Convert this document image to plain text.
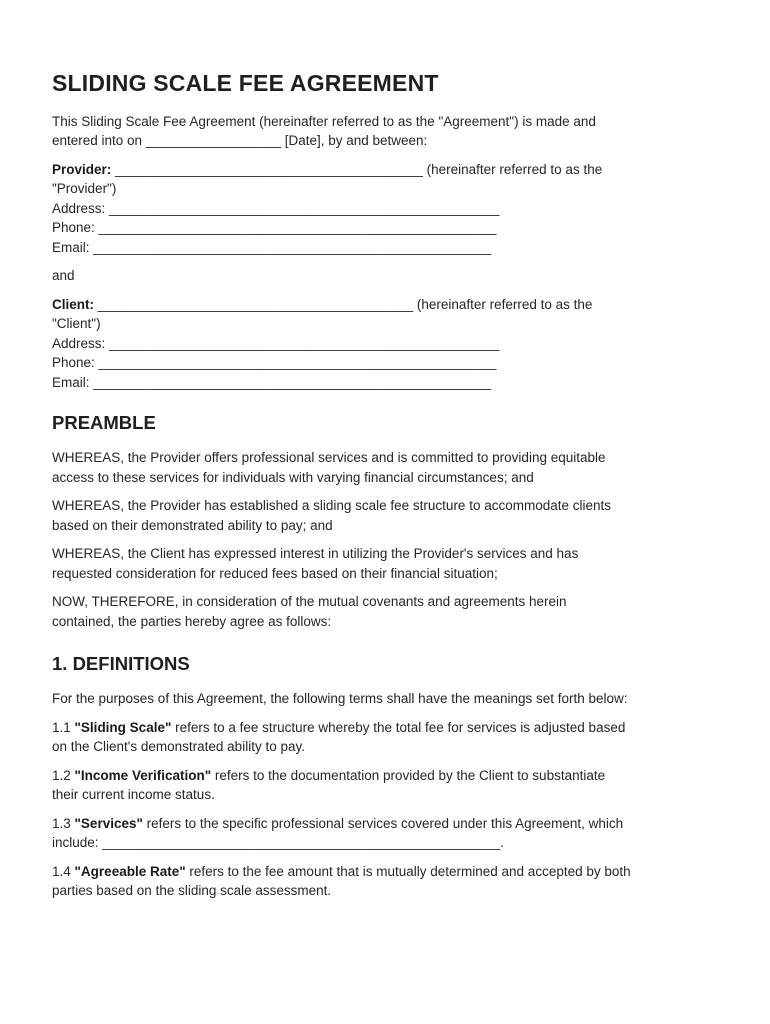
SLIDING SCALE FEE AGREEMENT
This Sliding Scale Fee Agreement (hereinafter referred to as the "Agreement") is made and
entered into on __________________ [Date], by and between:
Provider: _________________________________________ (hereinafter referred to as the
"Provider")
Address: ____________________________________________________
Phone: _____________________________________________________
Email: _____________________________________________________
and
Client: __________________________________________ (hereinafter referred to as the
"Client")
Address: ____________________________________________________
Phone: _____________________________________________________
Email: _____________________________________________________
PREAMBLE
WHEREAS, the Provider offers professional services and is committed to providing equitable
access to these services for individuals with varying financial circumstances; and
WHEREAS, the Provider has established a sliding scale fee structure to accommodate clients
based on their demonstrated ability to pay; and
WHEREAS, the Client has expressed interest in utilizing the Provider's services and has
requested consideration for reduced fees based on their financial situation;
NOW, THEREFORE, in consideration of the mutual covenants and agreements herein
contained, the parties hereby agree as follows:
1. DEFINITIONS
For the purposes of this Agreement, the following terms shall have the meanings set forth below:
1.1 "Sliding Scale" refers to a fee structure whereby the total fee for services is adjusted based
on the Client's demonstrated ability to pay.
1.2 "Income Verification" refers to the documentation provided by the Client to substantiate
their current income status.
1.3 "Services" refers to the specific professional services covered under this Agreement, which
include: _____________________________________________________.
1.4 "Agreeable Rate" refers to the fee amount that is mutually determined and accepted by both
parties based on the sliding scale assessment.
